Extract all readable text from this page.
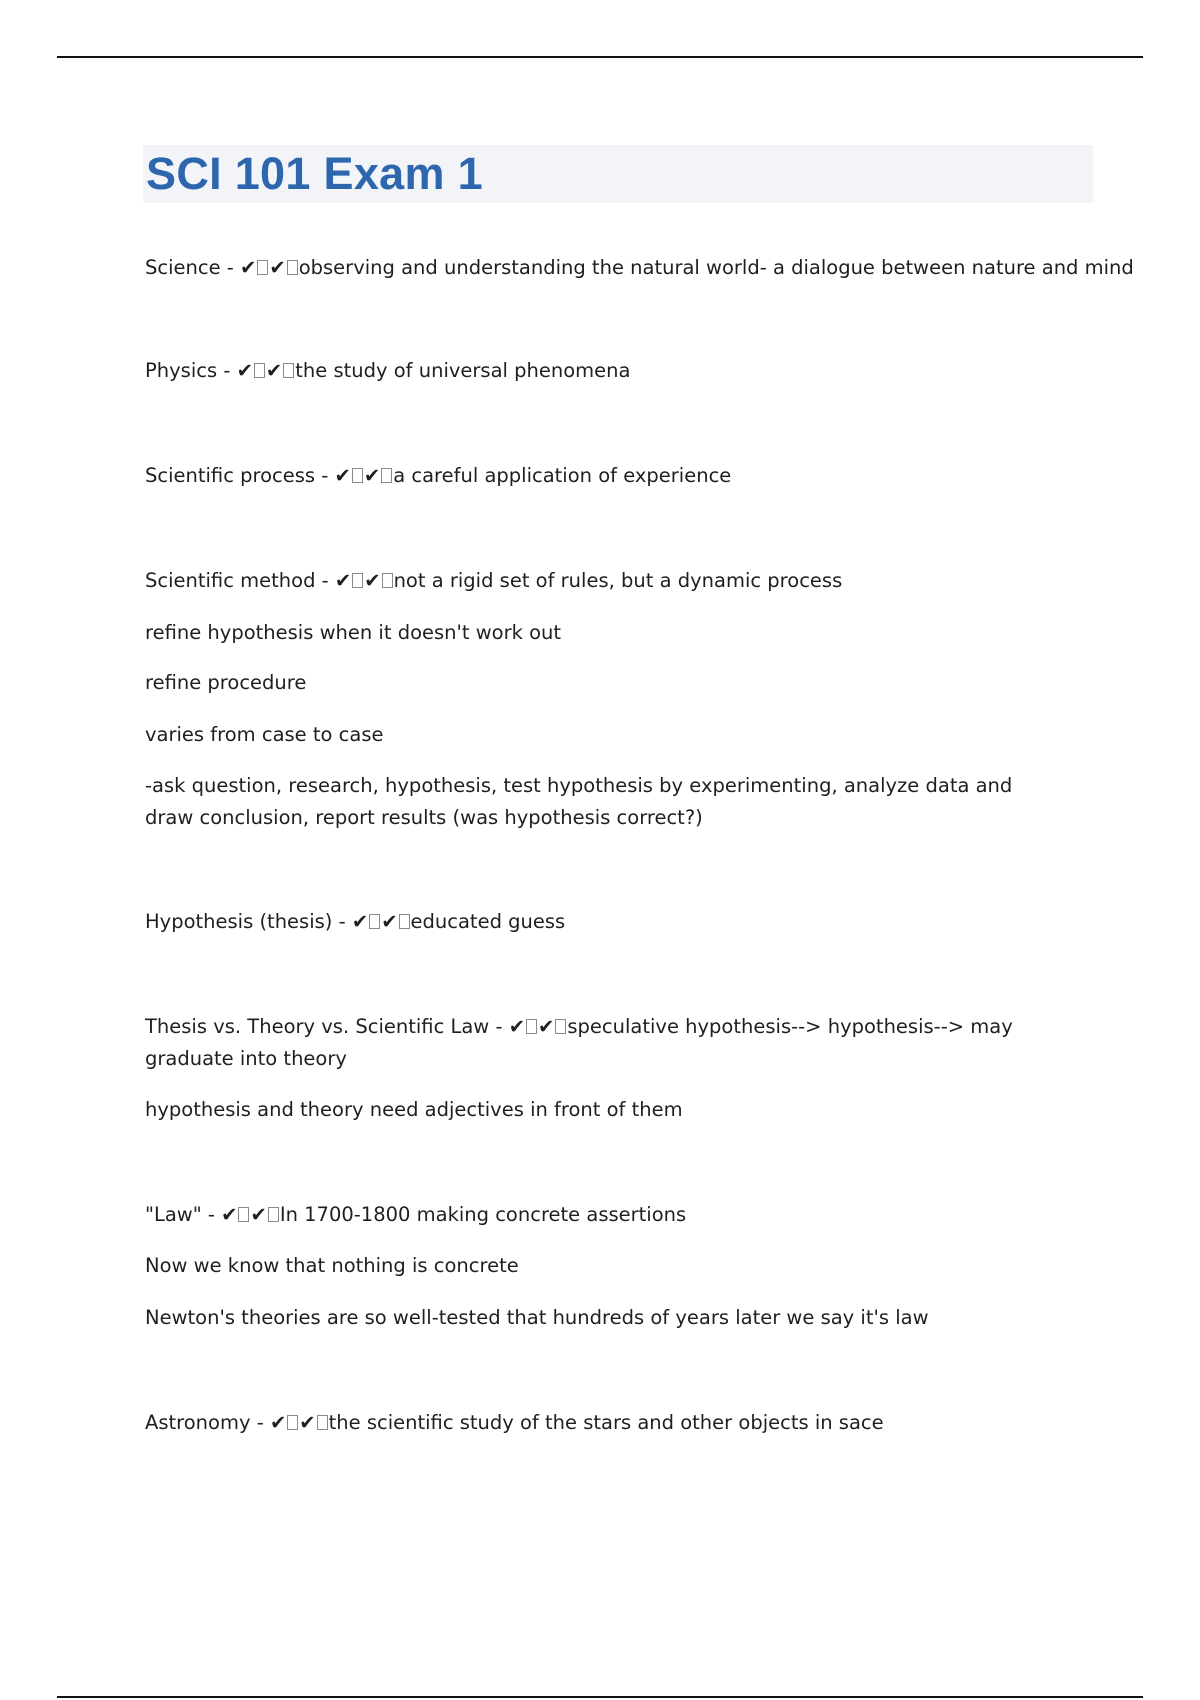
SCI 101 Exam 1

Science - ✔ ✔ observing and understanding the natural world- a dialogue between nature and mind

Physics - ✔ ✔ the study of universal phenomena

Scientific process - ✔ ✔ a careful application of experience

Scientific method - ✔ ✔ not a rigid set of rules, but a dynamic process

refine hypothesis when it doesn't work out

refine procedure

varies from case to case

-ask question, research, hypothesis, test hypothesis by experimenting, analyze data and draw conclusion, report results (was hypothesis correct?)

Hypothesis (thesis) - ✔ ✔ educated guess

Thesis vs. Theory vs. Scientific Law - ✔ ✔ speculative hypothesis--> hypothesis--> may graduate into theory

hypothesis and theory need adjectives in front of them

"Law" - ✔ ✔ In 1700-1800 making concrete assertions

Now we know that nothing is concrete

Newton's theories are so well-tested that hundreds of years later we say it's law

Astronomy - ✔ ✔ the scientific study of the stars and other objects in sace
